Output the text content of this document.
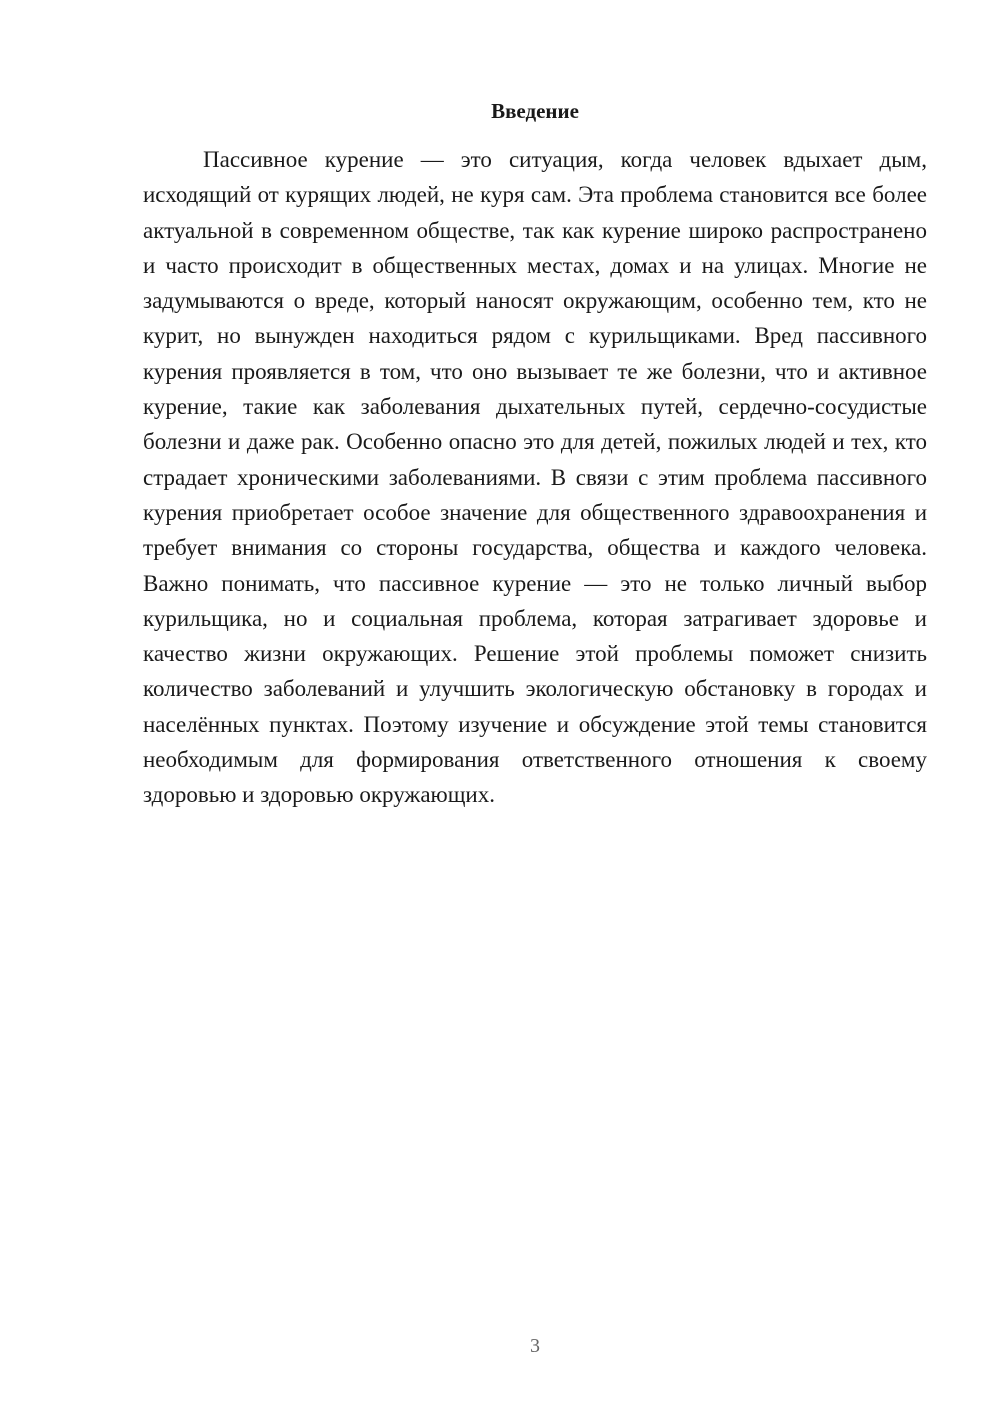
Введение

Пассивное курение — это ситуация, когда человек вдыхает дым, исходящий от курящих людей, не куря сам. Эта проблема становится все более актуальной в современном обществе, так как курение широко распространено и часто происходит в общественных местах, домах и на улицах. Многие не задумываются о вреде, который наносят окружающим, особенно тем, кто не курит, но вынужден находиться рядом с курильщиками. Вред пассивного курения проявляется в том, что оно вызывает те же болезни, что и активное курение, такие как заболевания дыхательных путей, сердечно-сосудистые болезни и даже рак. Особенно опасно это для детей, пожилых людей и тех, кто страдает хроническими заболеваниями. В связи с этим проблема пассивного курения приобретает особое значение для общественного здравоохранения и требует внимания со стороны государства, общества и каждого человека. Важно понимать, что пассивное курение — это не только личный выбор курильщика, но и социальная проблема, которая затрагивает здоровье и качество жизни окружающих. Решение этой проблемы поможет снизить количество заболеваний и улучшить экологическую обстановку в городах и населённых пунктах. Поэтому изучение и обсуждение этой темы становится необходимым для формирования ответственного отношения к своему здоровью и здоровью окружающих.

3
